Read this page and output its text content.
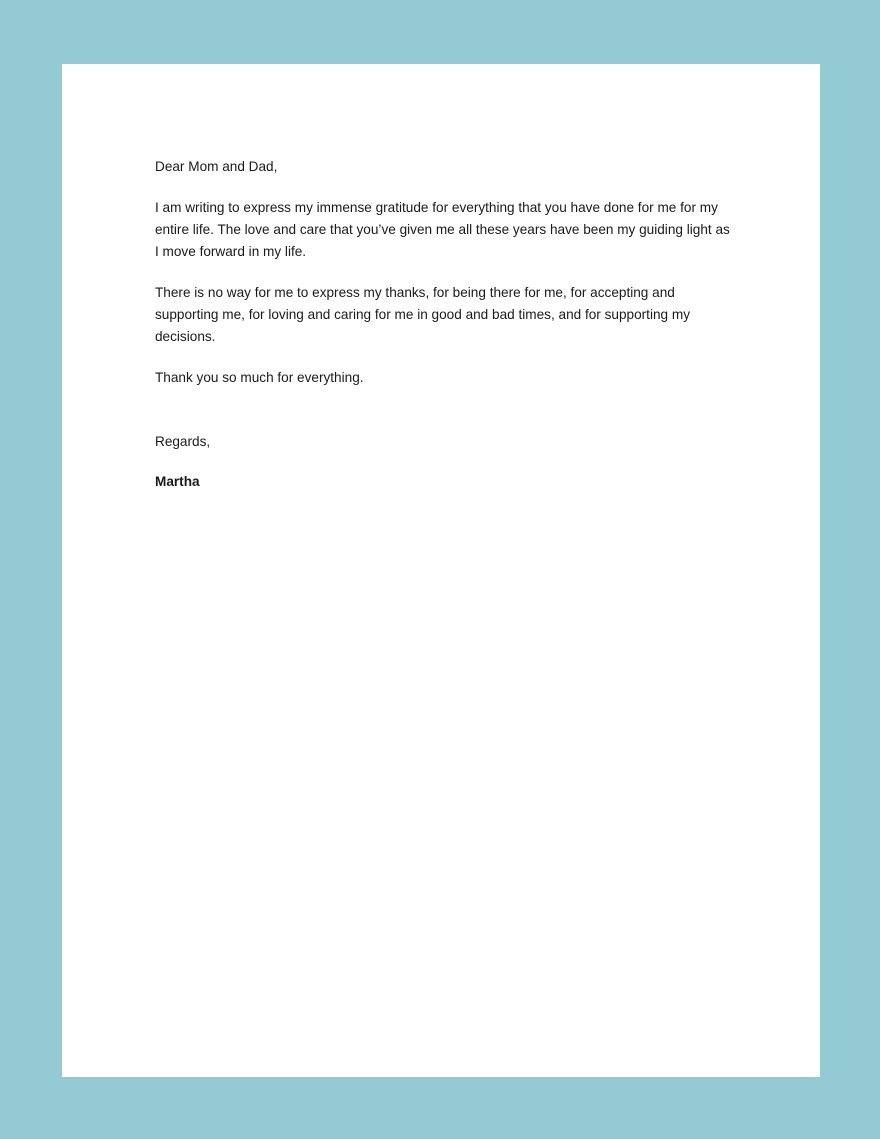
Dear Mom and Dad,

I am writing to express my immense gratitude for everything that you have done for me for my entire life. The love and care that you’ve given me all these years have been my guiding light as I move forward in my life.

There is no way for me to express my thanks, for being there for me, for accepting and supporting me, for loving and caring for me in good and bad times, and for supporting my decisions.

Thank you so much for everything.

Regards,

Martha
